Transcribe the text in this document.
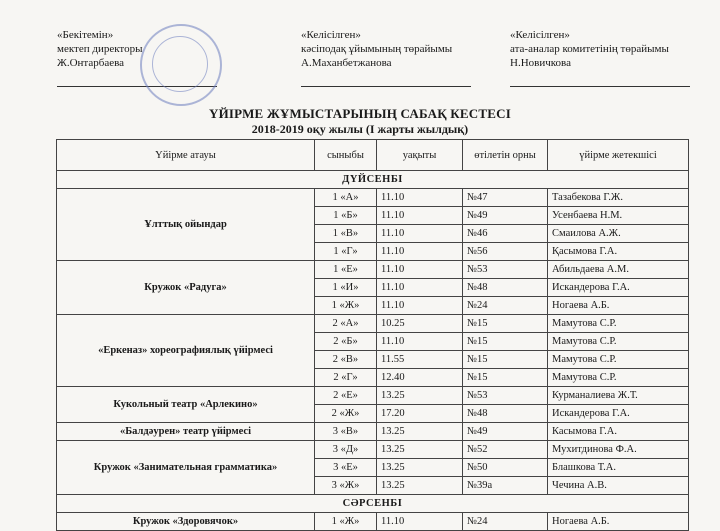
«Бекітемін»
мектеп директоры
Ж.Онтарбаева
«Келісілген»
кәсіподақ ұйымының төрайымы
А.Маханбетжанова
«Келісілген»
ата-аналар комитетінің төрайымы
Н.Новичкова
ҮЙІРМЕ ЖҰМЫСТАРЫНЫҢ САБАҚ КЕСТЕСІ
2018-2019 оқу жылы (І жарты жылдық)
Үйірме атауы	сыныбы	уақыты	өтілетін орны	үйірме жетекшісі
ДҮЙСЕНБІ				
Ұлттық ойындар	1 «А»	11.10	№47	Тазабекова Г.Ж.
	1 «Б»	11.10	№49	Усенбаева Н.М.
	1 «В»	11.10	№46	Смаилова А.Ж.
	1 «Г»	11.10	№56	Қасымова Г.А.
Кружок «Радуга»	1 «Е»	11.10	№53	Абильдаева А.М.
	1 «И»	11.10	№48	Искандерова Г.А.
	1 «Ж»	11.10	№24	Ногаева А.Б.
«Еркеназ» хореографиялық үйірмесі	2 «А»	10.25	№15	Мамутова С.Р.
	2 «Б»	11.10	№15	Мамутова С.Р.
	2 «В»	11.55	№15	Мамутова С.Р.
	2 «Г»	12.40	№15	Мамутова С.Р.
Кукольный театр «Арлекино»	2 «Е»	13.25	№53	Курманалиева Ж.Т.
	2 «Ж»	17.20	№48	Искандерова Г.А.
«Балдәурен» театр үйірмесі	3 «В»	13.25	№49	Касымова Г.А.
Кружок «Занимательная грамматика»	3 «Д»	13.25	№52	Мухитдинова Ф.А.
	3 «Е»	13.25	№50	Блашкова Т.А.
	3 «Ж»	13.25	№39а	Чечина А.В.
СӘРСЕНБІ				
Кружок «Здоровячок»	1 «Ж»	11.10	№24	Ногаева А.Б.
